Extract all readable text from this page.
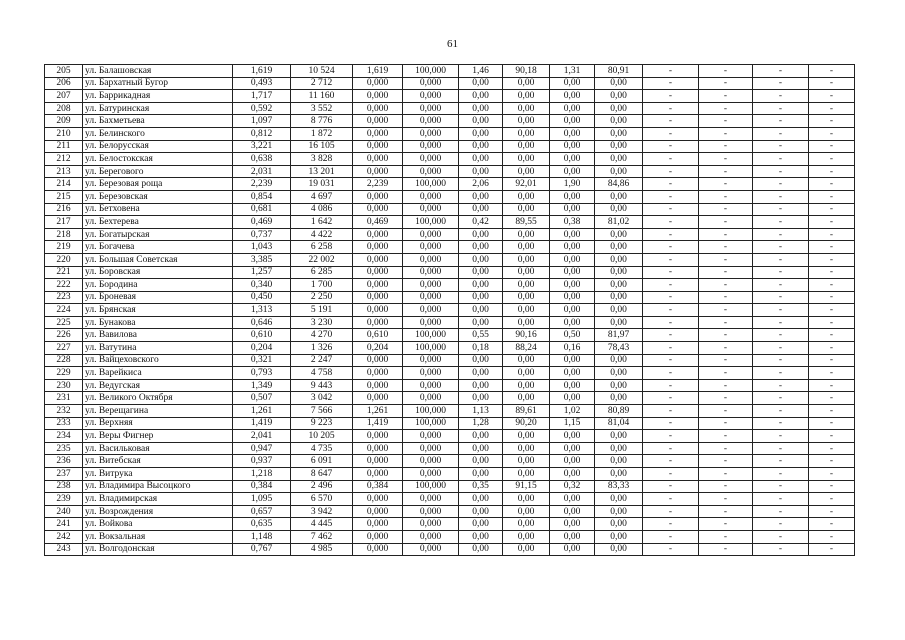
61
205	ул. Балашовская	1,619	10 524	1,619	100,000	1,46	90,18	1,31	80,91	-	-	-	-
206	ул. Бархатный Бугор	0,493	2 712	0,000	0,000	0,00	0,00	0,00	0,00	-	-	-	-
207	ул. Баррикадная	1,717	11 160	0,000	0,000	0,00	0,00	0,00	0,00	-	-	-	-
208	ул. Батуринская	0,592	3 552	0,000	0,000	0,00	0,00	0,00	0,00	-	-	-	-
209	ул. Бахметьева	1,097	8 776	0,000	0,000	0,00	0,00	0,00	0,00	-	-	-	-
210	ул. Белинского	0,812	1 872	0,000	0,000	0,00	0,00	0,00	0,00	-	-	-	-
211	ул. Белорусская	3,221	16 105	0,000	0,000	0,00	0,00	0,00	0,00	-	-	-	-
212	ул. Белостокская	0,638	3 828	0,000	0,000	0,00	0,00	0,00	0,00	-	-	-	-
213	ул. Берегового	2,031	13 201	0,000	0,000	0,00	0,00	0,00	0,00	-	-	-	-
214	ул. Березовая роща	2,239	19 031	2,239	100,000	2,06	92,01	1,90	84,86	-	-	-	-
215	ул. Березовская	0,854	4 697	0,000	0,000	0,00	0,00	0,00	0,00	-	-	-	-
216	ул. Бетховена	0,681	4 086	0,000	0,000	0,00	0,00	0,00	0,00	-	-	-	-
217	ул. Бехтерева	0,469	1 642	0,469	100,000	0,42	89,55	0,38	81,02	-	-	-	-
218	ул. Богатырская	0,737	4 422	0,000	0,000	0,00	0,00	0,00	0,00	-	-	-	-
219	ул. Богачева	1,043	6 258	0,000	0,000	0,00	0,00	0,00	0,00	-	-	-	-
220	ул. Большая Советская	3,385	22 002	0,000	0,000	0,00	0,00	0,00	0,00	-	-	-	-
221	ул. Боровская	1,257	6 285	0,000	0,000	0,00	0,00	0,00	0,00	-	-	-	-
222	ул. Бородина	0,340	1 700	0,000	0,000	0,00	0,00	0,00	0,00	-	-	-	-
223	ул. Броневая	0,450	2 250	0,000	0,000	0,00	0,00	0,00	0,00	-	-	-	-
224	ул. Брянская	1,313	5 191	0,000	0,000	0,00	0,00	0,00	0,00	-	-	-	-
225	ул. Бунакова	0,646	3 230	0,000	0,000	0,00	0,00	0,00	0,00	-	-	-	-
226	ул. Вавилова	0,610	4 270	0,610	100,000	0,55	90,16	0,50	81,97	-	-	-	-
227	ул. Ватутина	0,204	1 326	0,204	100,000	0,18	88,24	0,16	78,43	-	-	-	-
228	ул. Вайцеховского	0,321	2 247	0,000	0,000	0,00	0,00	0,00	0,00	-	-	-	-
229	ул. Варейкиса	0,793	4 758	0,000	0,000	0,00	0,00	0,00	0,00	-	-	-	-
230	ул. Ведугская	1,349	9 443	0,000	0,000	0,00	0,00	0,00	0,00	-	-	-	-
231	ул. Великого Октября	0,507	3 042	0,000	0,000	0,00	0,00	0,00	0,00	-	-	-	-
232	ул. Верещагина	1,261	7 566	1,261	100,000	1,13	89,61	1,02	80,89	-	-	-	-
233	ул. Верхняя	1,419	9 223	1,419	100,000	1,28	90,20	1,15	81,04	-	-	-	-
234	ул. Веры Фигнер	2,041	10 205	0,000	0,000	0,00	0,00	0,00	0,00	-	-	-	-
235	ул. Васильковая	0,947	4 735	0,000	0,000	0,00	0,00	0,00	0,00	-	-	-	-
236	ул. Витебская	0,937	6 091	0,000	0,000	0,00	0,00	0,00	0,00	-	-	-	-
237	ул. Витрука	1,218	8 647	0,000	0,000	0,00	0,00	0,00	0,00	-	-	-	-
238	ул. Владимира Высоцкого	0,384	2 496	0,384	100,000	0,35	91,15	0,32	83,33	-	-	-	-
239	ул. Владимирская	1,095	6 570	0,000	0,000	0,00	0,00	0,00	0,00	-	-	-	-
240	ул. Возрождения	0,657	3 942	0,000	0,000	0,00	0,00	0,00	0,00	-	-	-	-
241	ул. Войкова	0,635	4 445	0,000	0,000	0,00	0,00	0,00	0,00	-	-	-	-
242	ул. Вокзальная	1,148	7 462	0,000	0,000	0,00	0,00	0,00	0,00	-	-	-	-
243	ул. Волгодонская	0,767	4 985	0,000	0,000	0,00	0,00	0,00	0,00	-	-	-	-
